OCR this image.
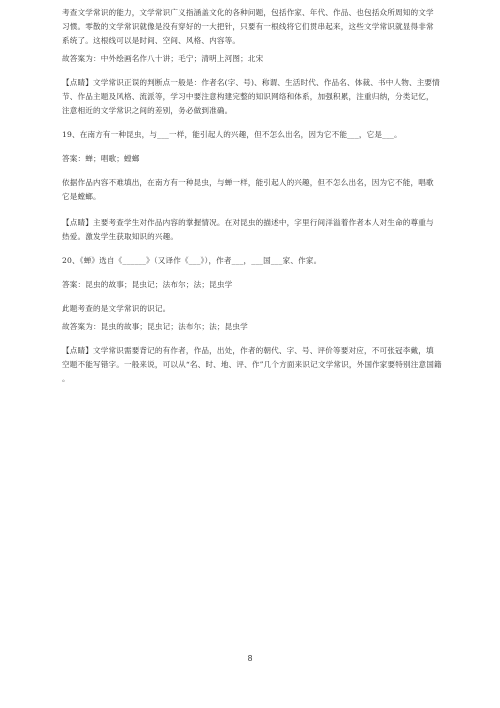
考查文学常识的能力，文学常识广义指涵盖文化的各种问题，包括作家、年代、作品、也包括众所周知的文学
习惯。零散的文学常识就像是没有穿好的一大把针，只要有一根线将它们贯串起来，这些文学常识就显得非常
系统了。这根线可以是时间、空间、风格、内容等。
故答案为：中外绘画名作八十讲；毛宁；清明上河图；北宋
【点睛】文学常识正误的判断点一般是：作者名(字、号)、称谓、生活时代、作品名、体裁、书中人物、主要情
节、作品主题及风格、流派等，学习中要注意构建完整的知识网络和体系，加强积累，注重归纳，分类记忆，
注意相近的文学常识之间的差别，务必做到准确。
19、在南方有一种昆虫，与___一样，能引起人的兴趣，但不怎么出名，因为它不能___，它是___。
答案：蝉；唱歌；螳螂
依据作品内容不难填出，在南方有一种昆虫，与蝉一样，能引起人的兴趣，但不怎么出名，因为它不能，唱歌
它是螳螂。
【点睛】主要考查学生对作品内容的掌握情况。在对昆虫的描述中，字里行间洋溢着作者本人对生命的尊重与
热爱。激发学生获取知识的兴趣。
20、《蝉》选自《______》（又译作《___》），作者___，___国___家、作家。
答案：昆虫的故事；昆虫记；法布尔；法；昆虫学
此题考查的是文学常识的识记。
故答案为：昆虫的故事；昆虫记；法布尔；法；昆虫学
【点睛】文学常识需要背记的有作者，作品，出处，作者的朝代、字、号、评价等要对应，不可张冠李戴，填
空题不能写错字。一般来说，可以从“名、时、地、评、作”几个方面来识记文学常识，外国作家要特别注意国籍
。
8
